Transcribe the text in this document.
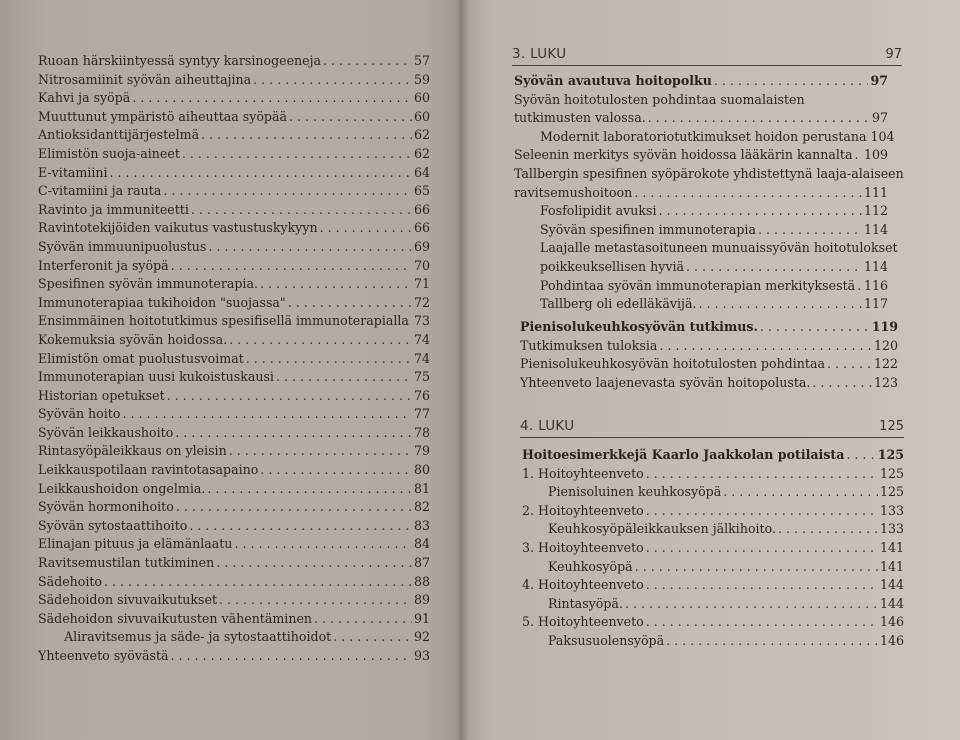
Ruoan härskiintyessä syntyy karsinogeeneja . . .	57
Nitrosamiinit syövän aiheuttajina . . .	59
Kahvi ja syöpä . . .	60
Muuttunut ympäristö aiheuttaa syöpää . . .	60
Antioksidanttijärjestelmä . . .	62
Elimistön suoja-aineet . . .	62
E-vitamiini . . .	64
C-vitamiini ja rauta . . .	65
Ravinto ja immuniteetti . . .	66
Ravintotekijöiden vaikutus vastustuskykyyn . . .	66
Syövän immuunipuolustus . . .	69
Interferonit ja syöpä . . .	70
Spesifinen syövän immunoterapia. . . .	71
Immunoterapiaa tukihoidon "suojassa" . . .	72
Ensimmäinen hoitotutkimus spesifisellä immunoterapialla . . . 73
Kokemuksia syövän hoidossa. . . .	74
Elimistön omat puolustusvoimat . . .	74
Immunoterapian uusi kukoistuskausi . . .	75
Historian opetukset . . .	76
Syövän hoito . . .	77
Syövän leikkaushoito . . .	78
Rintasyöpäleikkaus on yleisin . . .	79
Leikkauspotilaan ravintotasapaino . . .	80
Leikkaushoidon ongelmia. . . .	81
Syövän hormonihoito . . .	82
Syövän sytostaattihoito . . .	83
Elinajan pituus ja elämänlaatu . . .	84
Ravitsemustilan tutkiminen . . .	87
Sädehoito . . .	88
Sädehoidon sivuvaikutukset . . .	89
Sädehoidon sivuvaikutusten vähentäminen . . .	91
Aliravitsemus ja säde- ja sytostaattihoidot . . .	92
Yhteenveto syövästä . . .	93
3. LUKU	97
Syövän avautuva hoitopolku . . .	97
Syövän hoitotulosten pohdintaa suomalaisten
tutkimusten valossa. . . .	97
Modernit laboratoriotutkimukset hoidon perustana 104
Seleenin merkitys syövän hoidossa lääkärin kannalta . . . 109
Tallbergin spesifinen syöpärokote yhdistettynä laaja-alaiseen
ravitsemushoitoon . . .	111
Fosfolipidit avuksi . . .	112
Syövän spesifinen immunoterapia . . .	114
Laajalle metastasoituneen munuaissyövän hoitotulokset
poikkeuksellisen hyviä . . .	114
Pohdintaa syövän immunoterapian merkityksestä . . . 116
Tallberg oli edelläkävijä. . . .	117
Pienisolukeuhkosyövän tutkimus. . . .	119
Tutkimuksen tuloksia . . .	120
Pienisolukeuhkosyövän hoitotulosten pohdintaa . . .	122
Yhteenveto laajenevasta syövän hoitopolusta. . . .	123
4. LUKU	125
Hoitoesimerkkejä Kaarlo Jaakkolan potilaista . . .	125
1. Hoitoyhteenveto . . .	125
Pienisoluinen keuhkosyöpä . . .	125
2. Hoitoyhteenveto . . .	133
Keuhkosyöpäleikkauksen jälkihoito. . . .	133
3. Hoitoyhteenveto . . .	141
Keuhkosyöpä . . .	141
4. Hoitoyhteenveto . . .	144
Rintasyöpä. . . .	144
5. Hoitoyhteenveto . . .	146
Paksusuolensyöpä . . .	146
